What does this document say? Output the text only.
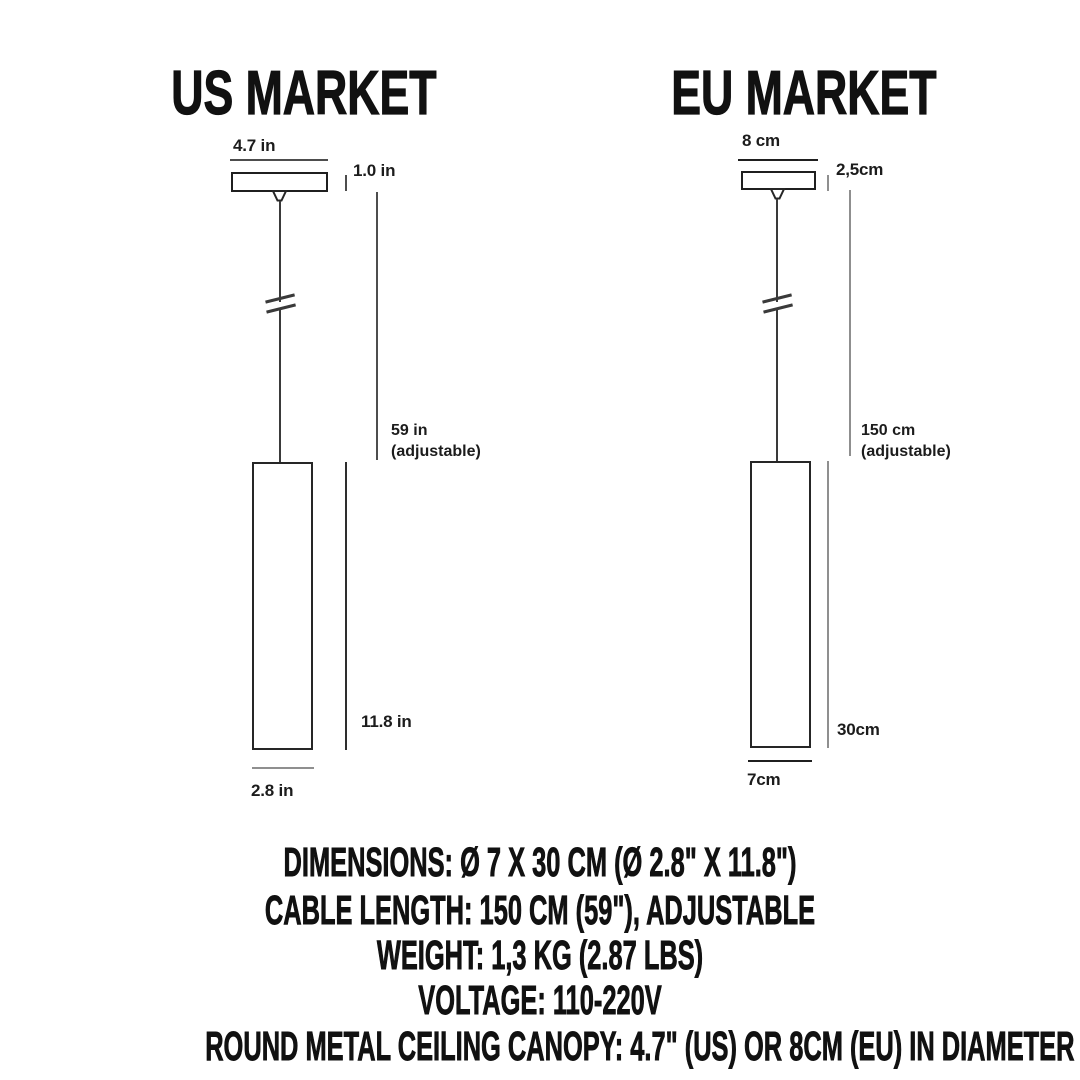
US MARKET
4.7 in
1.0 in
59 in
(adjustable)
11.8 in
2.8 in
EU MARKET
8 cm
2,5cm
150 cm
(adjustable)
30cm
7cm
DIMENSIONS: Ø 7 X 30 CM (Ø 2.8" X 11.8")
CABLE LENGTH: 150 CM (59"), ADJUSTABLE
WEIGHT: 1,3 KG (2.87 LBS)
VOLTAGE: 110-220V
ROUND METAL CEILING CANOPY: 4.7" (US) OR 8CM (EU) IN DIAMETER
